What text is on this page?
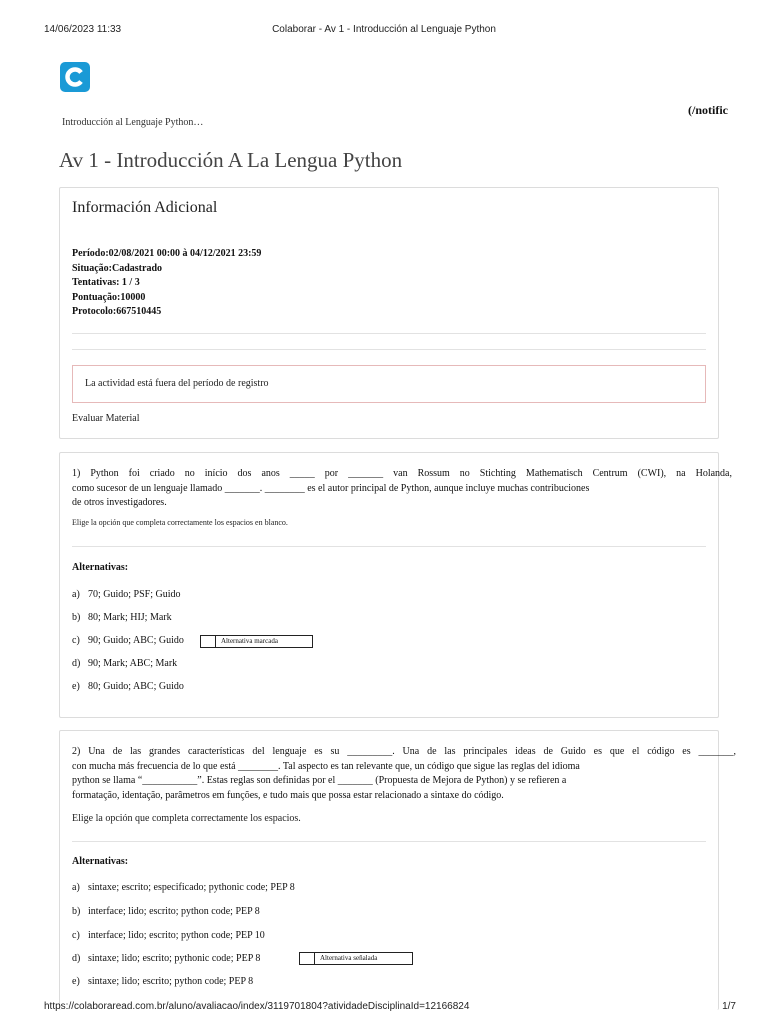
14/06/2023 11:33	Colaborar - Av 1 - Introducción al Lenguaje Python
(/notific
Introducción al Lenguaje Python…
Av 1 - Introducción A La Lengua Python
Información Adicional
Período:02/08/2021 00:00 à 04/12/2021 23:59
Situação:Cadastrado
Tentativas: 1 / 3
Pontuação:10000
Protocolo:667510445
La actividad está fuera del período de registro
Evaluar Material
1) Python foi criado no início dos anos _____ por _______ van Rossum no Stichting Mathematisch Centrum (CWI), na Holanda,
como sucesor de un lenguaje llamado _______. ________ es el autor principal de Python, aunque incluye muchas contribuciones
de otros investigadores.
Elige la opción que completa correctamente los espacios en blanco.
Alternativas:
a) 70; Guido; PSF; Guido
b) 80; Mark; HIJ; Mark
c) 90; Guido; ABC; Guido	Alternativa marcada
d) 90; Mark; ABC; Mark
e) 80; Guido; ABC; Guido
2) Una de las grandes características del lenguaje es su _________. Una de las principales ideas de Guido es que el código es _______,
con mucha más frecuencia de lo que está ________. Tal aspecto es tan relevante que, un código que sigue las reglas del idioma
python se llama “___________”. Estas reglas son definidas por el _______ (Propuesta de Mejora de Python) y se refieren a
formatação, identação, parâmetros em funções, e tudo mais que possa estar relacionado a sintaxe do código.
Elige la opción que completa correctamente los espacios.
Alternativas:
a) sintaxe; escrito; especificado; pythonic code; PEP 8
b) interface; lido; escrito; python code; PEP 8
c) interface; lido; escrito; python code; PEP 10
d) sintaxe; lido; escrito; pythonic code; PEP 8	Alternativa señalada
e) sintaxe; lido; escrito; python code; PEP 8
https://colaboraread.com.br/aluno/avaliacao/index/3119701804?atividadeDisciplinaId=12166824	1/7
